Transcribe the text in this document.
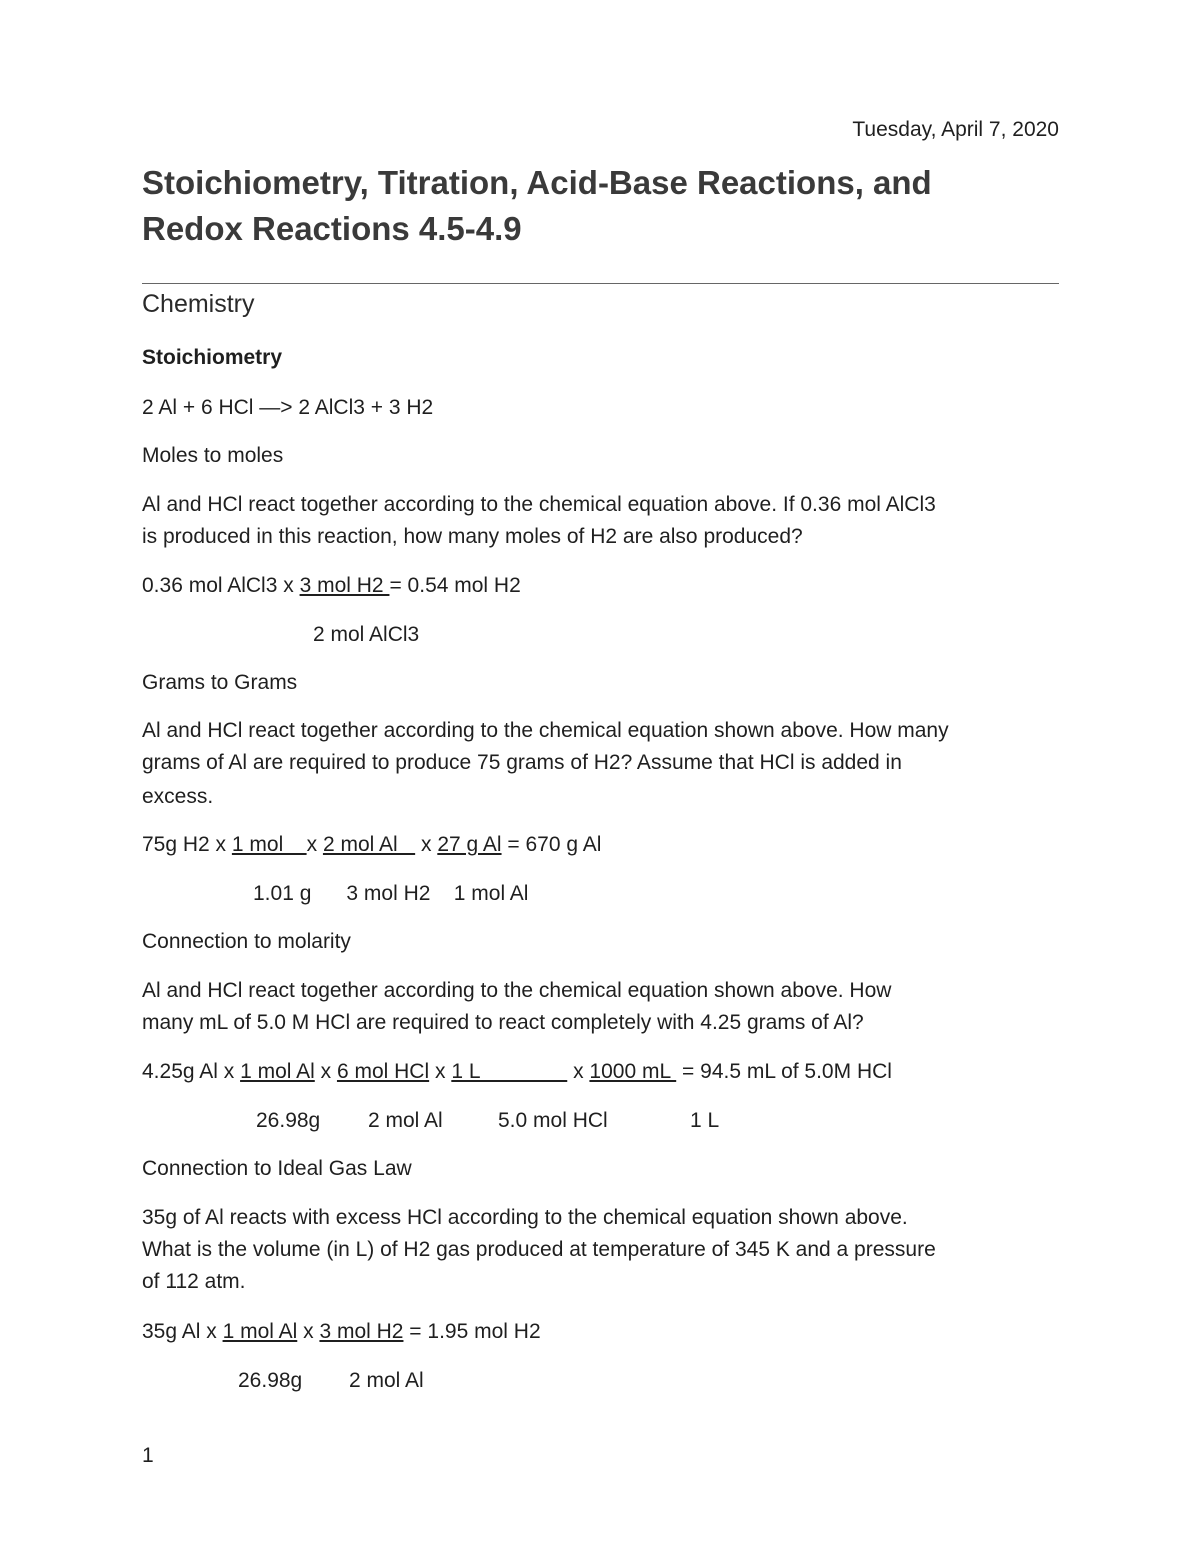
Tuesday, April 7, 2020
Stoichiometry, Titration, Acid-Base Reactions, and
Redox Reactions 4.5-4.9
Chemistry
Stoichiometry
2 Al + 6 HCl —> 2 AlCl3 + 3 H2
Moles to moles
Al and HCl react together according to the chemical equation above. If 0.36 mol AlCl3
is produced in this reaction, how many moles of H2 are also produced?
0.36 mol AlCl3 x 3 mol H2 = 0.54 mol H2
2 mol AlCl3
Grams to Grams
Al and HCl react together according to the chemical equation shown above. How many
grams of Al are required to produce 75 grams of H2? Assume that HCl is added in
excess.
75g H2 x 1 mol    x 2 mol Al    x 27 g Al = 670 g Al
1.01 g      3 mol H2    1 mol Al
Connection to molarity
Al and HCl react together according to the chemical equation shown above. How
many mL of 5.0 M HCl are required to react completely with 4.25 grams of Al?
4.25g Al x 1 mol Al x 6 mol HCl x 1 L                x 1000 mL  = 94.5 mL of 5.0M HCl
26.98g 2 mol Al	5.0 mol HCl	1 L
Connection to Ideal Gas Law
35g of Al reacts with excess HCl according to the chemical equation shown above.
What is the volume (in L) of H2 gas produced at temperature of 345 K and a pressure
of 112 atm.
35g Al x 1 mol Al x 3 mol H2 = 1.95 mol H2
26.98g 2 mol Al
1
